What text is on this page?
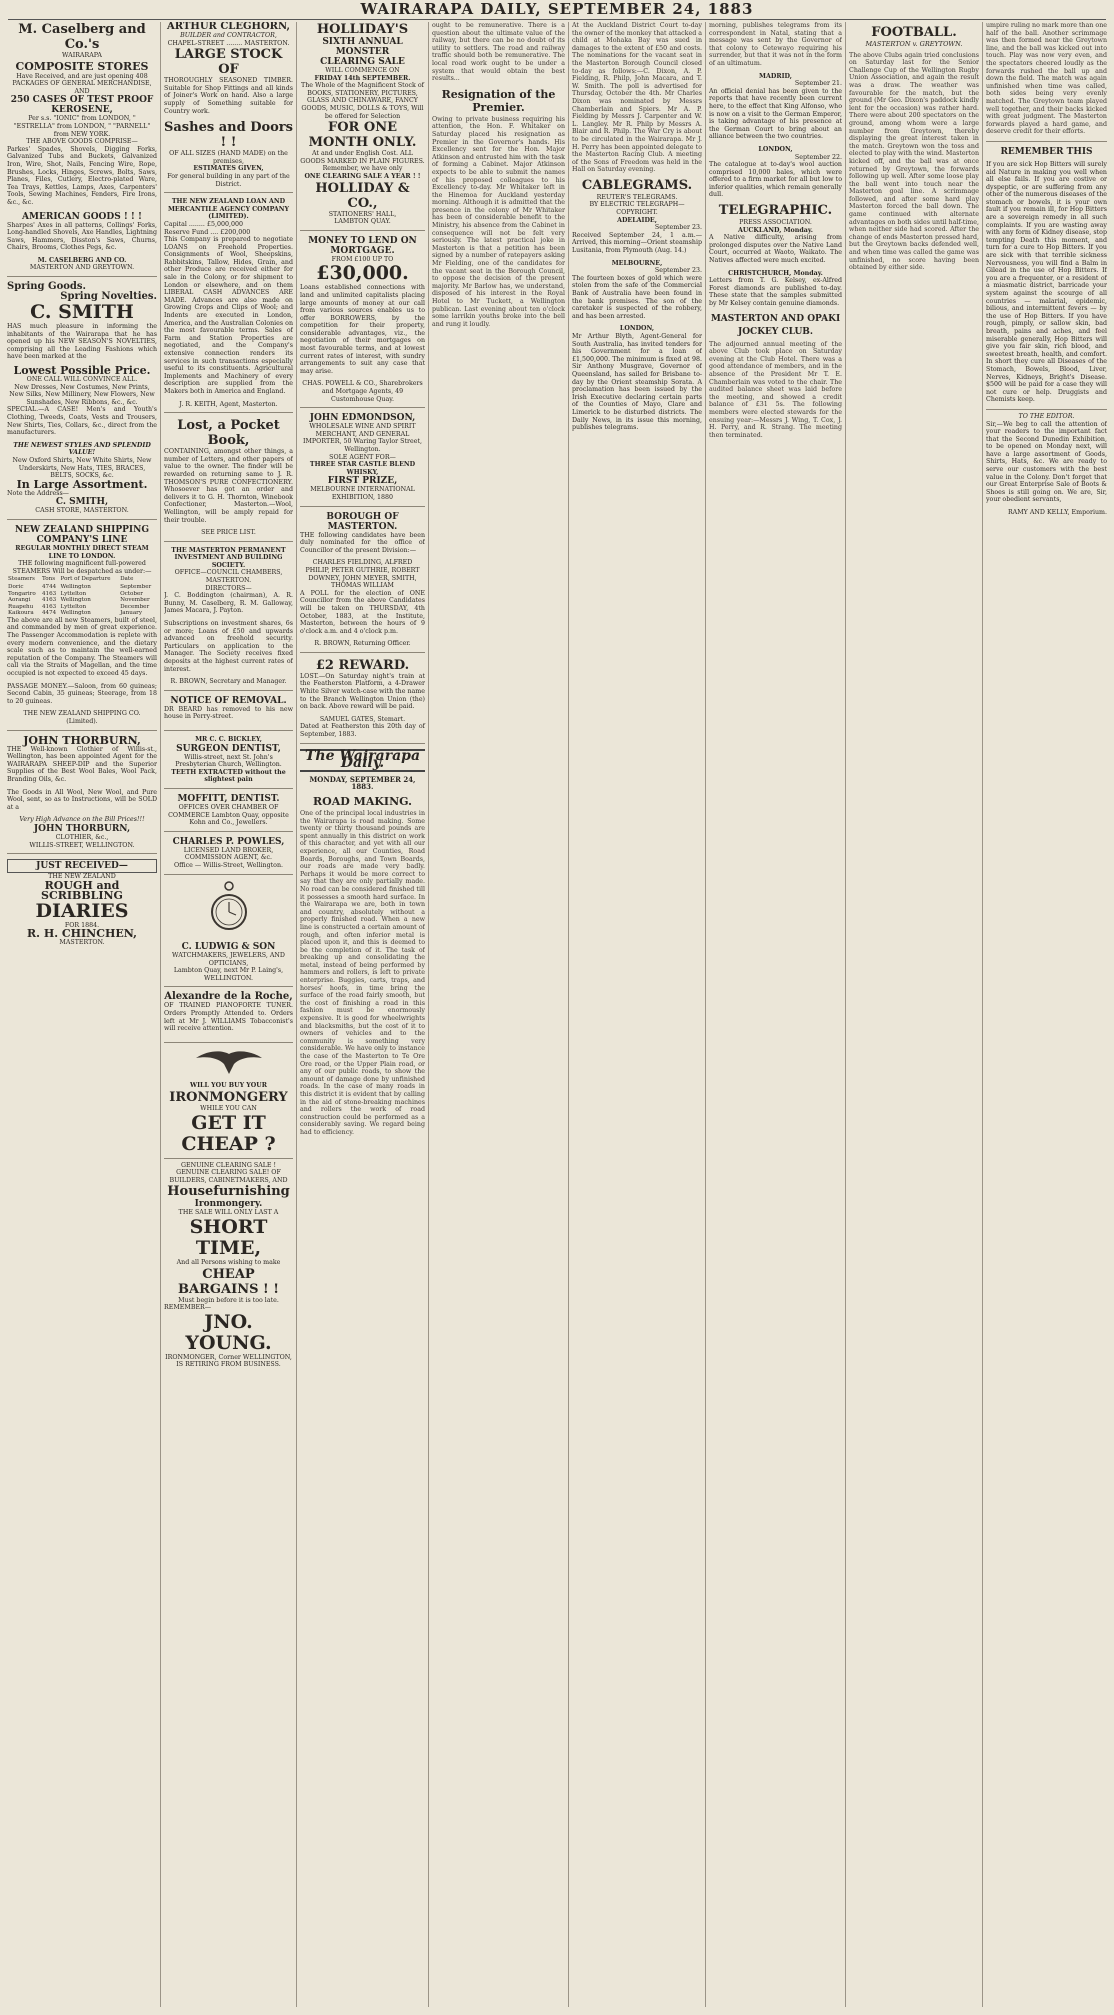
WAIRARAPA DAILY, SEPTEMBER 24, 1883
M. Caselberg and Co.'s
WAIRARAPA
COMPOSITE STORES
Have Received, and are just opening 408 PACKAGES OF GENERAL MERCHANDISE, AND
250 CASES OF TEST PROOF KEROSENE,
Per s.s. "IONIC" from LONDON, " "ESTRELLA" from LONDON, " "PARNELL" from NEW YORK.
THE ABOVE GOODS COMPRISE—
Parkes' Spades, Shovels, Digging Forks, Galvanized Tubs and Buckets, Galvanized Iron, Wire, Shot, Nails, Fencing Wire, Rope, Brushes, Locks, Hinges, Screws, Bolts, Saws, Planes, Files, Cutlery, Electro-plated Ware, Tea Trays, Kettles, Lamps, Axes, Carpenters' Tools, Sewing Machines, Fenders, Fire Irons, &c., &c.
AMERICAN GOODS ! ! !
Sharpes' Axes in all patterns, Collings' Forks, Long-handled Shovels, Axe Handles, Lightning Saws, Hammers, Disston's Saws, Churns, Chairs, Brooms, Clothes Pegs, &c.
M. CASELBERG AND CO.
MASTERTON AND GREYTOWN.
Spring Goods.
Spring Novelties.
C. SMITH
HAS much pleasure in informing the inhabitants of the Wairarapa that he has opened up his NEW SEASON'S NOVELTIES, comprising all the Leading Fashions which have been marked at the
Lowest Possible Price.
ONE CALL WILL CONVINCE ALL.
New Dresses, New Costumes, New Prints, New Silks, New Millinery, New Flowers, New Sunshades, New Ribbons, &c., &c.
SPECIAL.—A CASE! Men's and Youth's Clothing, Tweeds, Coats, Vests and Trousers, New Shirts, Ties, Collars, &c., direct from the manufacturers.
THE NEWEST STYLES AND SPLENDID VALUE!
New Oxford Shirts, New White Shirts, New Underskirts, New Hats, TIES, BRACES, BELTS, SOCKS, &c.
In Large Assortment.
Note the Address—
C. SMITH,
CASH STORE, MASTERTON.
NEW ZEALAND SHIPPING COMPANY'S LINE
REGULAR MONTHLY DIRECT STEAM LINE TO LONDON.
THE following magnificent full-powered STEAMERS Will be despatched as under:—
Steamers	Tons	Port of Departure	Date
Doric	4744	Wellington	September
Tongariro	4163	Lyttelton	October
Aorangi	4163	Wellington	November
Ruapehu	4163	Lyttelton	December
Kaikoura	4474	Wellington	January
The above are all new Steamers, built of steel, and commanded by men of great experience. The Passenger Accommodation is replete with every modern convenience, and the dietary scale such as to maintain the well-earned reputation of the Company. The Steamers will call via the Straits of Magellan, and the time occupied is not expected to exceed 45 days.
PASSAGE MONEY.—Saloon, from 60 guineas; Second Cabin, 35 guineas; Steerage, from 18 to 20 guineas.
THE NEW ZEALAND SHIPPING CO. (Limited).
JOHN THORBURN,
THE Well-known Clothier of Willis-st., Wellington, has been appointed Agent for the WAIRARAPA SHEEP-DIP and the Superior Supplies of the Best Wool Bales, Wool Pack, Branding Oils, &c.
The Goods in All Wool, New Wool, and Pure Wool, sent, so as to Instructions, will be SOLD at a
Very High Advance on the Bill Prices!!!
JOHN THORBURN,
CLOTHIER, &c.,
WILLIS-STREET, WELLINGTON.
JUST RECEIVED—
THE NEW ZEALAND
ROUGH and SCRIBBLING
DIARIES
FOR 1884.
R. H. CHINCHEN,
MASTERTON.
ARTHUR CLEGHORN,
BUILDER and CONTRACTOR,
CHAPEL-STREET ........ MASTERTON.
LARGE STOCK OF
THOROUGHLY SEASONED TIMBER. Suitable for Shop Fittings and all kinds of Joiner's Work on hand. Also a large supply of Something suitable for Country work.
Sashes and Doors ! !
OF ALL SIZES (HAND MADE) on the premises,
ESTIMATES GIVEN,
For general building in any part of the District.
THE NEW ZEALAND LOAN AND MERCANTILE AGENCY COMPANY (LIMITED).
Capital ........ £5,000,000
Reserve Fund .... £200,000
This Company is prepared to negotiate LOANS on Freehold Properties. Consignments of Wool, Sheepskins, Rabbitskins, Tallow, Hides, Grain, and other Produce are received either for sale in the Colony, or for shipment to London or elsewhere, and on them LIBERAL CASH ADVANCES ARE MADE. Advances are also made on Growing Crops and Clips of Wool; and Indents are executed in London, America, and the Australian Colonies on the most favourable terms. Sales of Farm and Station Properties are negotiated, and the Company's extensive connection renders its services in such transactions especially useful to its constituents. Agricultural Implements and Machinery of every description are supplied from the Makers both in America and England.
J. R. KEITH, Agent, Masterton.
Lost, a Pocket Book,
CONTAINING, amongst other things, a number of Letters, and other papers of value to the owner. The finder will be rewarded on returning same to J. R. THOMSON'S PURE CONFECTIONERY. Whosoever has got an order and delivers it to G. H. Thornton, Winebook Confectioner, Masterton.—Wool, Wellington, will be amply repaid for their trouble.
SEE PRICE LIST.
THE MASTERTON PERMANENT INVESTMENT AND BUILDING SOCIETY.
OFFICE—COUNCIL CHAMBERS, MASTERTON.
DIRECTORS—
J. C. Boddington (chairman), A. R. Bunny, M. Caselberg, R. M. Galloway, James Macara, J. Payton.
Subscriptions on investment shares, 6s or more; Loans of £50 and upwards advanced on freehold security. Particulars on application to the Manager. The Society receives fixed deposits at the highest current rates of interest.
R. BROWN, Secretary and Manager.
NOTICE OF REMOVAL.
DR BEARD has removed to his new house in Perry-street.
MR C. C. BICKLEY,
SURGEON DENTIST,
Willis-street, next St. John's Presbyterian Church, Wellington.
TEETH EXTRACTED without the slightest pain
MOFFITT, DENTIST.
OFFICES OVER CHAMBER OF COMMERCE Lambton Quay, opposite Kohn and Co., Jewellers.
CHARLES P. POWLES,
LICENSED LAND BROKER, COMMISSION AGENT, &c.
Office — Willis-Street, Wellington.
C. LUDWIG & SON
WATCHMAKERS, JEWELERS, AND OPTICIANS,
Lambton Quay, next Mr P. Laing's, WELLINGTON.
Alexandre de la Roche,
OF TRAINED PIANOFORTE TUNER. Orders Promptly Attended to. Orders left at Mr J. WILLIAMS Tobacconist's will receive attention.
WILL YOU BUY YOUR
IRONMONGERY
WHILE YOU CAN
GET IT CHEAP ?
GENUINE CLEARING SALE ! GENUINE CLEARING SALE! OF BUILDERS, CABINETMAKERS, AND
Housefurnishing
Ironmongery.
THE SALE WILL ONLY LAST A
SHORT TIME,
And all Persons wishing to make
CHEAP BARGAINS ! !
Must begin before it is too late.
REMEMBER—
JNO. YOUNG.
IRONMONGER, Corner WELLINGTON,
IS RETIRING FROM BUSINESS.
HOLLIDAY'S
SIXTH ANNUAL MONSTER
CLEARING SALE
WILL COMMENCE ON
FRIDAY 14th SEPTEMBER.
The Whole of the Magnificent Stock of BOOKS, STATIONERY, PICTURES, GLASS AND CHINAWARE, FANCY GOODS, MUSIC, DOLLS & TOYS, Will be offered for Selection
FOR ONE MONTH ONLY.
At and under English Cost. ALL GOODS MARKED IN PLAIN FIGURES. Remember, we have only
ONE CLEARING SALE A YEAR ! !
HOLLIDAY & CO.,
STATIONERS' HALL,
LAMBTON QUAY.
MONEY TO LEND ON MORTGAGE.
FROM £100 UP TO
£30,000.
Loans established connections with land and unlimited capitalists placing large amounts of money at our call from various sources enables us to offer BORROWERS, by the competition for their property, considerable advantages, viz., the negotiation of their mortgages on most favourable terms, and at lowest current rates of interest, with sundry arrangements to suit any case that may arise.
CHAS. POWELL & CO., Sharebrokers and Mortgage Agents, 49 Customhouse Quay.
JOHN EDMONDSON,
WHOLESALE WINE AND SPIRIT MERCHANT, AND GENERAL IMPORTER, 50 Waring Taylor Street, Wellington.
SOLE AGENT FOR—
THREE STAR CASTLE BLEND WHISKY,
FIRST PRIZE,
MELBOURNE INTERNATIONAL EXHIBITION, 1880
BOROUGH OF MASTERTON.
THE following candidates have been duly nominated for the office of Councillor of the present Division:—
CHARLES FIELDING, ALFRED PHILIP, PETER GUTHRIE, ROBERT DOWNEY, JOHN MEYER, SMITH, THOMAS WILLIAM
A POLL for the election of ONE Councillor from the above Candidates will be taken on THURSDAY, 4th October, 1883, at the Institute, Masterton, between the hours of 9 o'clock a.m. and 4 o'clock p.m.
R. BROWN, Returning Officer.
£2 REWARD.
LOST.—On Saturday night's train at the Featherston Platform, a 4-Drawer White Silver watch-case with the name to the Branch Wellington Union (the) on back. Above reward will be paid.
SAMUEL GATES, Stemart.
Dated at Featherston this 20th day of September, 1883.
The Wairarapa Daily.
MONDAY, SEPTEMBER 24, 1883.
ROAD MAKING.
One of the principal local industries in the Wairarapa is road making. Some twenty or thirty thousand pounds are spent annually in this district on work of this character, and yet with all our experience, all our Counties, Road Boards, Boroughs, and Town Boards, our roads are made very badly. Perhaps it would be more correct to say that they are only partially made. No road can be considered finished till it possesses a smooth hard surface. In the Wairarapa we are, both in town and country, absolutely without a properly finished road. When a new line is constructed a certain amount of rough, and often inferior metal is placed upon it, and this is deemed to be the completion of it. The task of breaking up and consolidating the metal, instead of being performed by hammers and rollers, is left to private enterprise. Buggies, carts, traps, and horses' hoofs, in time bring the surface of the road fairly smooth, but the cost of finishing a road in this fashion must be enormously expensive. It is good for wheelwrights and blacksmiths, but the cost of it to owners of vehicles and to the community is something very considerable. We have only to instance the case of the Masterton to Te Ore Ore road, or the Upper Plain road, or any of our public roads, to show the amount of damage done by unfinished roads. In the case of many roads in this district it is evident that by calling in the aid of stone-breaking machines and rollers the work of road construction could be performed as a considerably saving. We regard being had to efficiency.
ought to be remunerative. There is a question about the ultimate value of the railway, but there can be no doubt of its utility to settlers. The road and railway traffic should both be remunerative. The local road work ought to be under a system that would obtain the best results...
Resignation of the Premier.
Owing to private business requiring his attention, the Hon. F. Whitaker on Saturday placed his resignation as Premier in the Governor's hands. His Excellency sent for the Hon. Major Atkinson and entrusted him with the task of forming a Cabinet. Major Atkinson expects to be able to submit the names of his proposed colleagues to his Excellency to-day. Mr Whitaker left in the Hinemoa for Auckland yesterday morning. Although it is admitted that the presence in the colony of Mr Whitaker has been of considerable benefit to the Ministry, his absence from the Cabinet in consequence will not be felt very seriously. The latest practical joke in Masterton is that a petition has been signed by a number of ratepayers asking Mr Fielding, one of the candidates for the vacant seat in the Borough Council, to oppose the decision of the present majority. Mr Barlow has, we understand, disposed of his interest in the Royal Hotel to Mr Tuckett, a Wellington publican. Last evening about ten o'clock some larrikin youths broke into the bell and rung it loudly.
At the Auckland District Court to-day the owner of the monkey that attacked a child at Mohaka Bay was sued in damages to the extent of £50 and costs. The nominations for the vacant seat in the Masterton Borough Council closed to-day as follows:—C. Dixon, A. P. Fielding, R. Philp, John Macara, and T. W. Smith. The poll is advertised for Thursday, October the 4th. Mr Charles Dixon was nominated by Messrs Chamberlain and Spiers. Mr A. P. Fielding by Messrs J. Carpenter and W. L. Langley. Mr R. Philp by Messrs A. Blair and R. Philp. The War Cry is about to be circulated in the Wairarapa. Mr J. H. Perry has been appointed delegate to the Masterton Racing Club. A meeting of the Sons of Freedom was held in the Hall on Saturday evening.
CABLEGRAMS.
REUTER'S TELEGRAMS.
BY ELECTRIC TELEGRAPH—COPYRIGHT.
ADELAIDE,
September 23.
Received September 24, 1 a.m.—Arrived, this morning—Orient steamship Lusitania, from Plymouth (Aug. 14.)
MELBOURNE,
September 23.
The fourteen boxes of gold which were stolen from the safe of the Commercial Bank of Australia have been found in the bank premises. The son of the caretaker is suspected of the robbery, and has been arrested.
LONDON,
Mr Arthur Blyth, Agent-General for South Australia, has invited tenders for his Government for a loan of £1,500,000. The minimum is fixed at 98. Sir Anthony Musgrave, Governor of Queensland, has sailed for Brisbane to-day by the Orient steamship Sorata. A proclamation has been issued by the Irish Executive declaring certain parts of the Counties of Mayo, Clare and Limerick to be disturbed districts. The Daily News, in its issue this morning, publishes telegrams.
morning, publishes telegrams from its correspondent in Natal, stating that a message was sent by the Governor of that colony to Cetewayo requiring his surrender, but that it was not in the form of an ultimatum.
MADRID,
September 21.
An official denial has been given to the reports that have recently been current here, to the effect that King Alfonso, who is now on a visit to the German Emperor, is taking advantage of his presence at the German Court to bring about an alliance between the two countries.
LONDON,
September 22.
The catalogue at to-day's wool auction comprised 10,000 bales, which were offered to a firm market for all but low to inferior qualities, which remain generally dull.
TELEGRAPHIC.
PRESS ASSOCIATION.
AUCKLAND, Monday.
A Native difficulty, arising from prolonged disputes over the Native Land Court, occurred at Waoto, Waikato. The Natives affected were much excited.
CHRISTCHURCH, Monday.
Letters from T. G. Kelsey, ex-Alfred Forest diamonds are published to-day. These state that the samples submitted by Mr Kelsey contain genuine diamonds.
MASTERTON AND OPAKI JOCKEY CLUB.
The adjourned annual meeting of the above Club took place on Saturday evening at the Club Hotel. There was a good attendance of members, and in the absence of the President Mr T. E. Chamberlain was voted to the chair. The audited balance sheet was laid before the meeting, and showed a credit balance of £31 5s. The following members were elected stewards for the ensuing year:—Messrs J. Wing, T. Cox, J. H. Perry, and R. Strang. The meeting then terminated.
FOOTBALL.
MASTERTON v. GREYTOWN.
The above Clubs again tried conclusions on Saturday last for the Senior Challenge Cup of the Wellington Rugby Union Association, and again the result was a draw. The weather was favourable for the match, but the ground (Mr Geo. Dixon's paddock kindly lent for the occasion) was rather hard. There were about 200 spectators on the ground, among whom were a large number from Greytown, thereby displaying the great interest taken in the match. Greytown won the toss and elected to play with the wind. Masterton kicked off, and the ball was at once returned by Greytown, the forwards following up well. After some loose play the ball went into touch near the Masterton goal line. A scrimmage followed, and after some hard play Masterton forced the ball down. The game continued with alternate advantages on both sides until half-time, when neither side had scored. After the change of ends Masterton pressed hard, but the Greytown backs defended well, and when time was called the game was unfinished, no score having been obtained by either side.
umpire ruling no mark more than one half of the ball. Another scrimmage was then formed near the Greytown line, and the ball was kicked out into touch. Play was now very even, and the spectators cheered loudly as the forwards rushed the ball up and down the field. The match was again unfinished when time was called, both sides being very evenly matched. The Greytown team played well together, and their backs kicked with great judgment. The Masterton forwards played a hard game, and deserve credit for their efforts.
REMEMBER THIS
If you are sick Hop Bitters will surely aid Nature in making you well when all else fails. If you are costive or dyspeptic, or are suffering from any other of the numerous diseases of the stomach or bowels, it is your own fault if you remain ill, for Hop Bitters are a sovereign remedy in all such complaints. If you are wasting away with any form of Kidney disease, stop tempting Death this moment, and turn for a cure to Hop Bitters. If you are sick with that terrible sickness Nervousness, you will find a Balm in Gilead in the use of Hop Bitters. If you are a frequenter, or a resident of a miasmatic district, barricade your system against the scourge of all countries — malarial, epidemic, bilious, and intermittent fevers — by the use of Hop Bitters. If you have rough, pimply, or sallow skin, bad breath, pains and aches, and feel miserable generally, Hop Bitters will give you fair skin, rich blood, and sweetest breath, health, and comfort. In short they cure all Diseases of the Stomach, Bowels, Blood, Liver, Nerves, Kidneys, Bright's Disease. $500 will be paid for a case they will not cure or help. Druggists and Chemists keep.
TO THE EDITOR.
Sir,—We beg to call the attention of your readers to the important fact that the Second Dunedin Exhibition, to be opened on Monday next, will have a large assortment of Goods, Shirts, Hats, &c. We are ready to serve our customers with the best value in the Colony. Don't forget that our Great Enterprise Sale of Boots & Shoes is still going on. We are, Sir, your obedient servants,
RAMY AND KELLY, Emporium.
